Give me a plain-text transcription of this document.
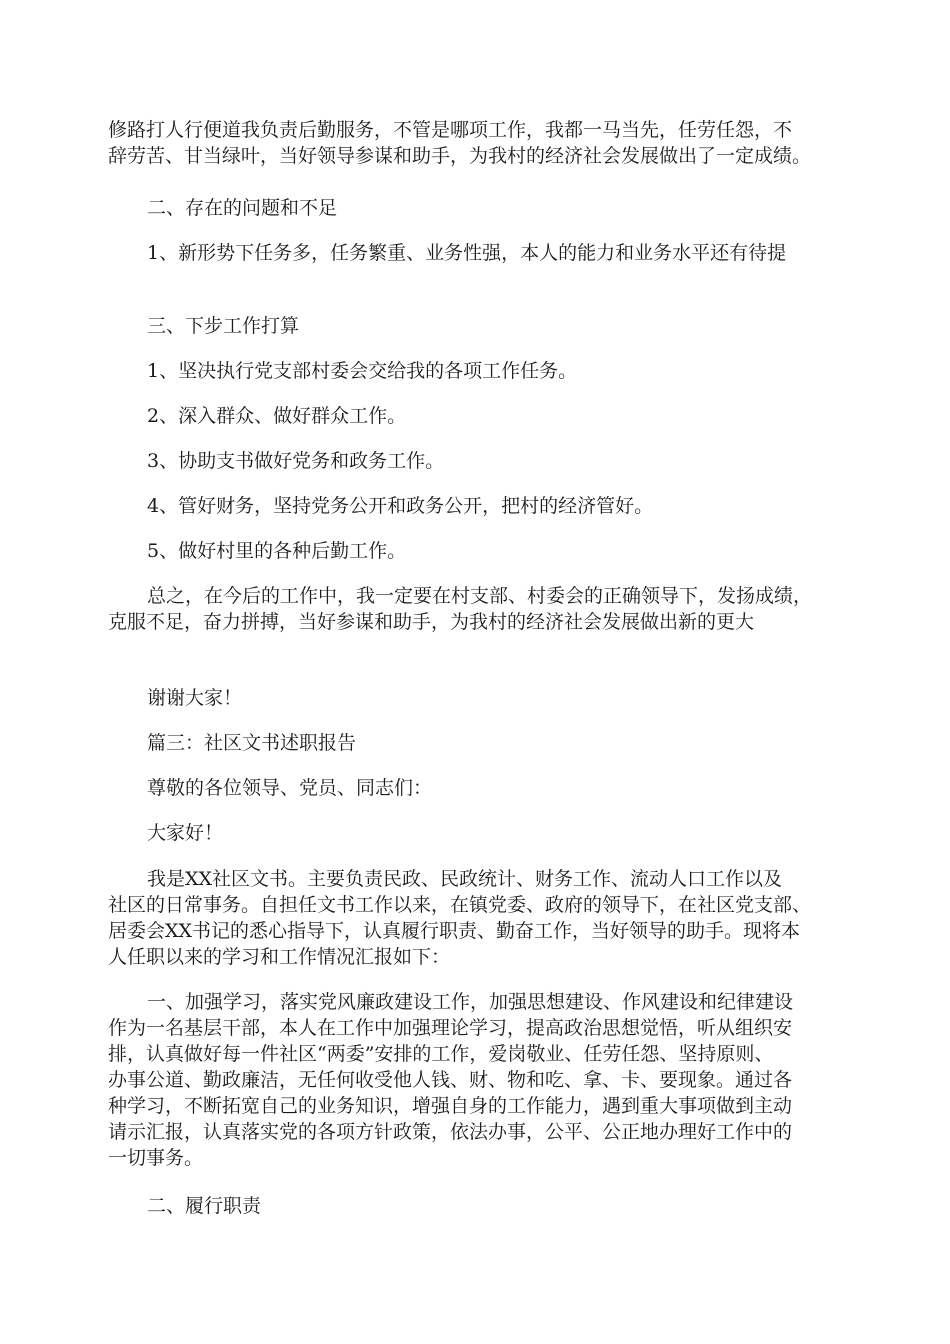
修路打人行便道我负责后勤服务，不管是哪项工作，我都一马当先，任劳任怨，不
辞劳苦、甘当绿叶，当好领导参谋和助手，为我村的经济社会发展做出了一定成绩。

二、存在的问题和不足

1、新形势下任务多，任务繁重、业务性强，本人的能力和业务水平还有待提

三、下步工作打算

1、坚决执行党支部村委会交给我的各项工作任务。

2、深入群众、做好群众工作。

3、协助支书做好党务和政务工作。

4、管好财务，坚持党务公开和政务公开，把村的经济管好。

5、做好村里的各种后勤工作。

总之，在今后的工作中，我一定要在村支部、村委会的正确领导下，发扬成绩，
克服不足，奋力拼搏，当好参谋和助手，为我村的经济社会发展做出新的更大

谢谢大家！

篇三：社区文书述职报告

尊敬的各位领导、党员、同志们：

大家好！

我是XX社区文书。主要负责民政、民政统计、财务工作、流动人口工作以及
社区的日常事务。自担任文书工作以来，在镇党委、政府的领导下，在社区党支部、
居委会XX书记的悉心指导下，认真履行职责、勤奋工作，当好领导的助手。现将本
人任职以来的学习和工作情况汇报如下：

一、加强学习，落实党风廉政建设工作，加强思想建设、作风建设和纪律建设
作为一名基层干部，本人在工作中加强理论学习，提高政治思想觉悟，听从组织安
排，认真做好每一件社区“两委”安排的工作，爱岗敬业、任劳任怨、坚持原则、
办事公道、勤政廉洁，无任何收受他人钱、财、物和吃、拿、卡、要现象。通过各
种学习，不断拓宽自己的业务知识，增强自身的工作能力，遇到重大事项做到主动
请示汇报，认真落实党的各项方针政策，依法办事，公平、公正地办理好工作中的
一切事务。

二、履行职责
